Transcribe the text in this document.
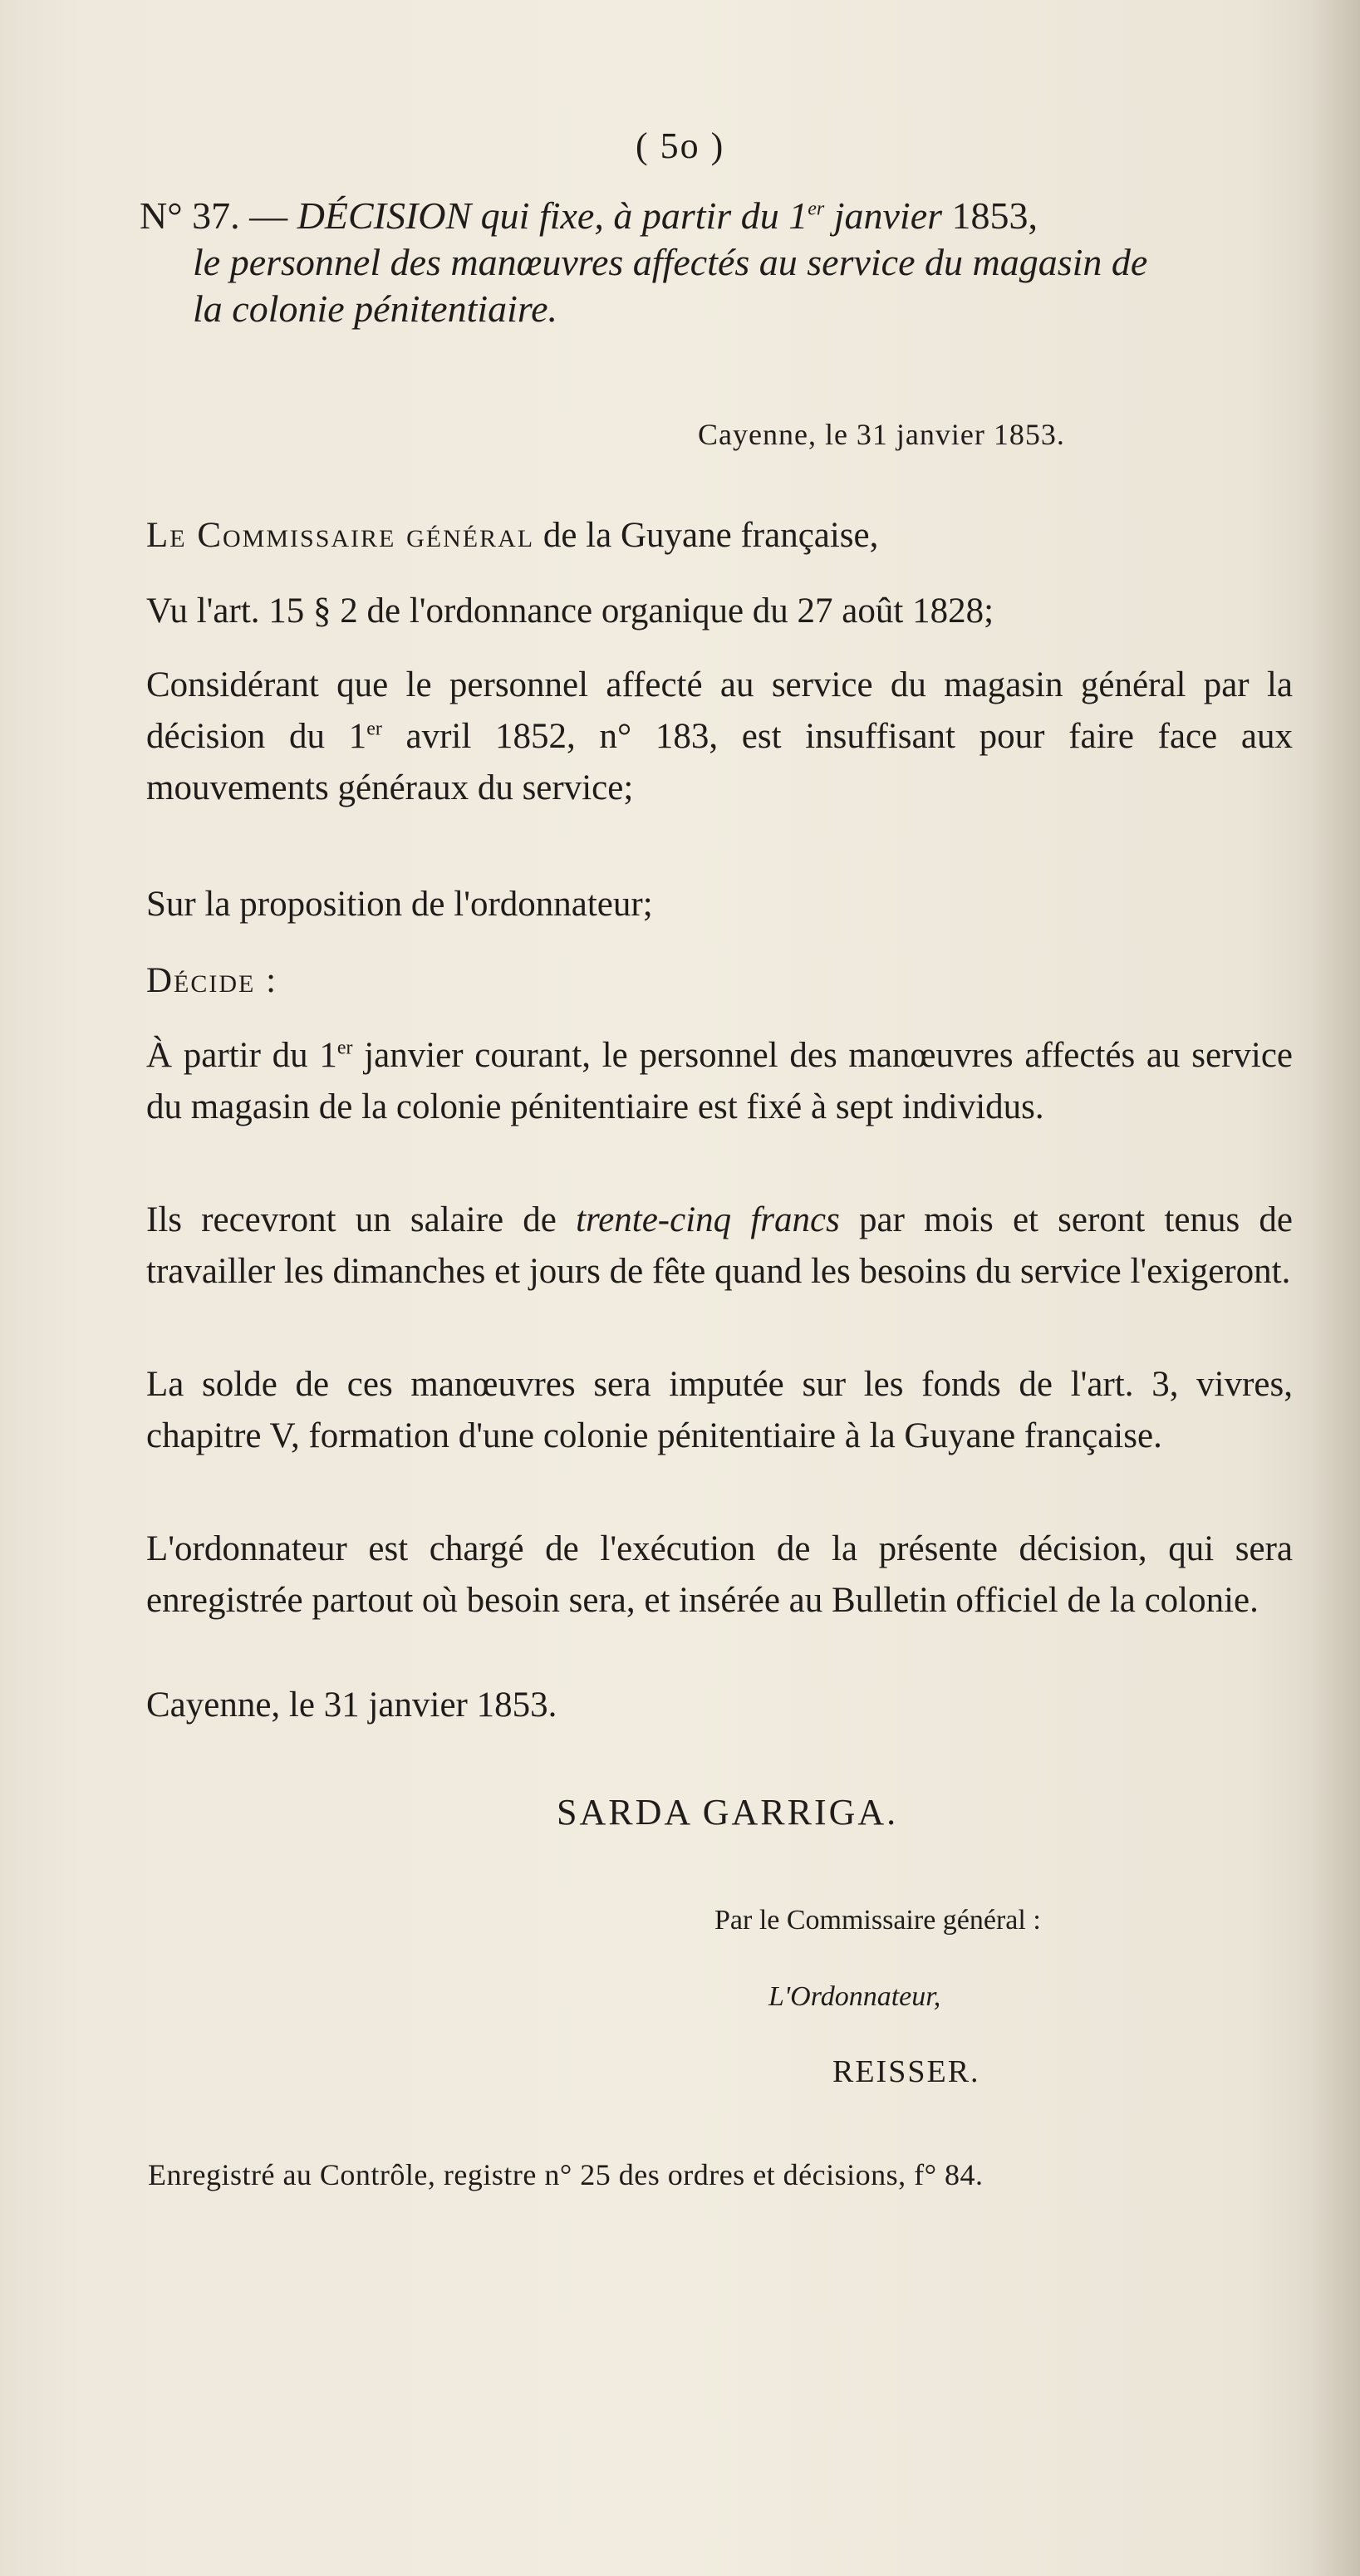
( 5o )
N° 37. — DÉCISION qui fixe, à partir du 1er janvier 1853,
le personnel des manœuvres affectés au service du magasin de
la colonie pénitentiaire.
Cayenne, le 31 janvier 1853.
Le Commissaire général de la Guyane française,
Vu l'art. 15 § 2 de l'ordonnance organique du 27 août 1828;
Considérant que le personnel affecté au service du magasin général par la décision du 1er avril 1852, n° 183, est insuffisant pour faire face aux mouvements généraux du service;
Sur la proposition de l'ordonnateur;
Décide :
À partir du 1er janvier courant, le personnel des manœuvres affectés au service du magasin de la colonie pénitentiaire est fixé à sept individus.
Ils recevront un salaire de trente-cinq francs par mois et seront tenus de travailler les dimanches et jours de fête quand les besoins du service l'exigeront.
La solde de ces manœuvres sera imputée sur les fonds de l'art. 3, vivres, chapitre V, formation d'une colonie pénitentiaire à la Guyane française.
L'ordonnateur est chargé de l'exécution de la présente décision, qui sera enregistrée partout où besoin sera, et insérée au Bulletin officiel de la colonie.
Cayenne, le 31 janvier 1853.
SARDA GARRIGA.
Par le Commissaire général :
L'Ordonnateur,
REISSER.
Enregistré au Contrôle, registre n° 25 des ordres et décisions, f° 84.
